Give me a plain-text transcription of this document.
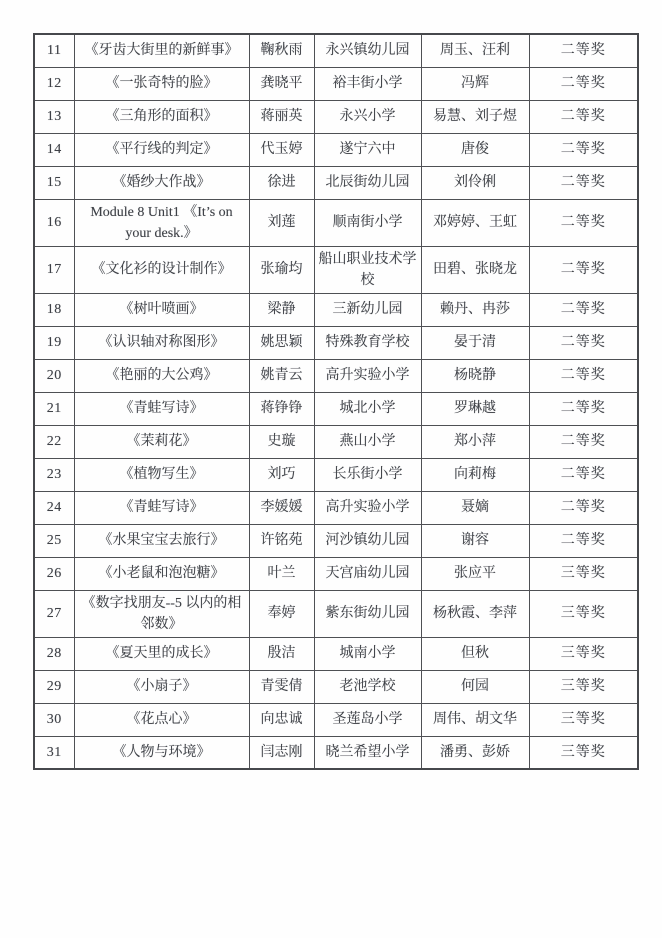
11	《牙齿大街里的新鲜事》	鞠秋雨	永兴镇幼儿园	周玉、汪利	二等奖
12	《一张奇特的脸》	龚晓平	裕丰街小学	冯辉	二等奖
13	《三角形的面积》	蒋丽英	永兴小学	易慧、刘子煜	二等奖
14	《平行线的判定》	代玉婷	遂宁六中	唐俊	二等奖
15	《婚纱大作战》	徐进	北辰街幼儿园	刘伶俐	二等奖
16	Module 8 Unit1 《It’s on your desk.》	刘莲	顺南街小学	邓婷婷、王虹	二等奖
17	《文化衫的设计制作》	张瑜均	船山职业技术学校	田碧、张晓龙	二等奖
18	《树叶喷画》	梁静	三新幼儿园	赖丹、冉莎	二等奖
19	《认识轴对称图形》	姚思颖	特殊教育学校	晏于清	二等奖
20	《艳丽的大公鸡》	姚青云	高升实验小学	杨晓静	二等奖
21	《青蛙写诗》	蒋铮铮	城北小学	罗琳越	二等奖
22	《茉莉花》	史璇	燕山小学	郑小萍	二等奖
23	《植物写生》	刘巧	长乐街小学	向莉梅	二等奖
24	《青蛙写诗》	李媛媛	高升实验小学	聂嫡	二等奖
25	《水果宝宝去旅行》	许铭苑	河沙镇幼儿园	谢容	二等奖
26	《小老鼠和泡泡糖》	叶兰	天宫庙幼儿园	张应平	三等奖
27	《数字找朋友--5 以内的相邻数》	奉婷	紫东街幼儿园	杨秋霞、李萍	三等奖
28	《夏天里的成长》	殷洁	城南小学	但秋	三等奖
29	《小扇子》	青雯倩	老池学校	何园	三等奖
30	《花点心》	向忠诚	圣莲岛小学	周伟、胡文华	三等奖
31	《人物与环境》	闫志刚	晓兰希望小学	潘勇、彭娇	三等奖
